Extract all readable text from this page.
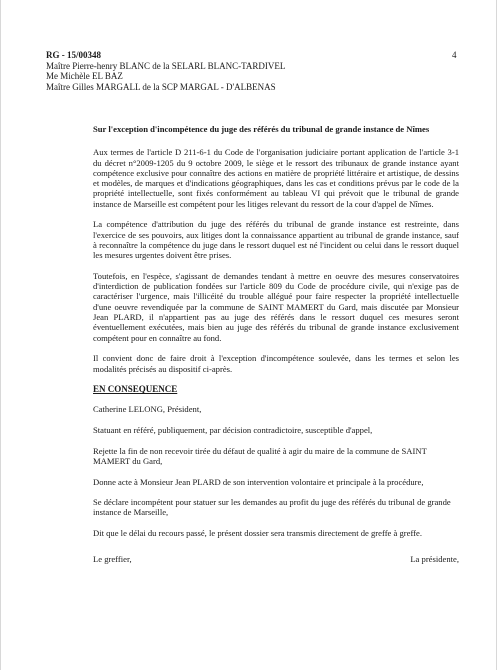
RG - 15/00348
Maître Pierre-henry BLANC de la SELARL BLANC-TARDIVEL
Me Michèle EL BAZ
Maître Gilles MARGALL de la SCP MARGAL - D'ALBENAS
4

Sur l'exception d'incompétence du juge des référés du tribunal de grande instance de Nîmes

Aux termes de l'article D 211-6-1 du Code de l'organisation judiciaire portant application de l'article 3-1 du décret n°2009-1205 du 9 octobre 2009, le siège et le ressort des tribunaux de grande instance ayant compétence exclusive pour connaître des actions en matière de propriété littéraire et artistique, de dessins et modèles, de marques et d'indications géographiques, dans les cas et conditions prévus par le code de la propriété intellectuelle, sont fixés conformément au tableau VI qui prévoit que le tribunal de grande instance de Marseille est compétent pour les litiges relevant du ressort de la cour d'appel de Nîmes.

La compétence d'attribution du juge des référés du tribunal de grande instance est restreinte, dans l'exercice de ses pouvoirs, aux litiges dont la connaissance appartient au tribunal de grande instance, sauf à reconnaître la compétence du juge dans le ressort duquel est né l'incident ou celui dans le ressort duquel les mesures urgentes doivent être prises.

Toutefois, en l'espèce, s'agissant de demandes tendant à mettre en oeuvre des mesures conservatoires d'interdiction de publication fondées sur l'article 809 du Code de procédure civile, qui n'exige pas de caractériser l'urgence, mais l'illicéité du trouble allégué pour faire respecter la propriété intellectuelle d'une oeuvre revendiquée par la commune de SAINT MAMERT du Gard, mais discutée par Monsieur Jean PLARD, il n'appartient pas au juge des référés dans le ressort duquel ces mesures seront éventuellement exécutées, mais bien au juge des référés du tribunal de grande instance exclusivement compétent pour en connaître au fond.

Il convient donc de faire droit à l'exception d'incompétence soulevée, dans les termes et selon les modalités précisés au dispositif ci-après.

EN CONSEQUENCE

Catherine LELONG, Président,

Statuant en référé, publiquement, par décision contradictoire, susceptible d'appel,

Rejette la fin de non recevoir tirée du défaut de qualité à agir du maire de la commune de SAINT MAMERT du Gard,

Donne acte à Monsieur Jean PLARD de son intervention volontaire et principale à la procédure,

Se déclare incompétent pour statuer sur les demandes au profit du juge des référés du tribunal de grande instance de Marseille,

Dit que le délai du recours passé, le présent dossier sera transmis directement de greffe à greffe.

Le greffier,	La présidente,
